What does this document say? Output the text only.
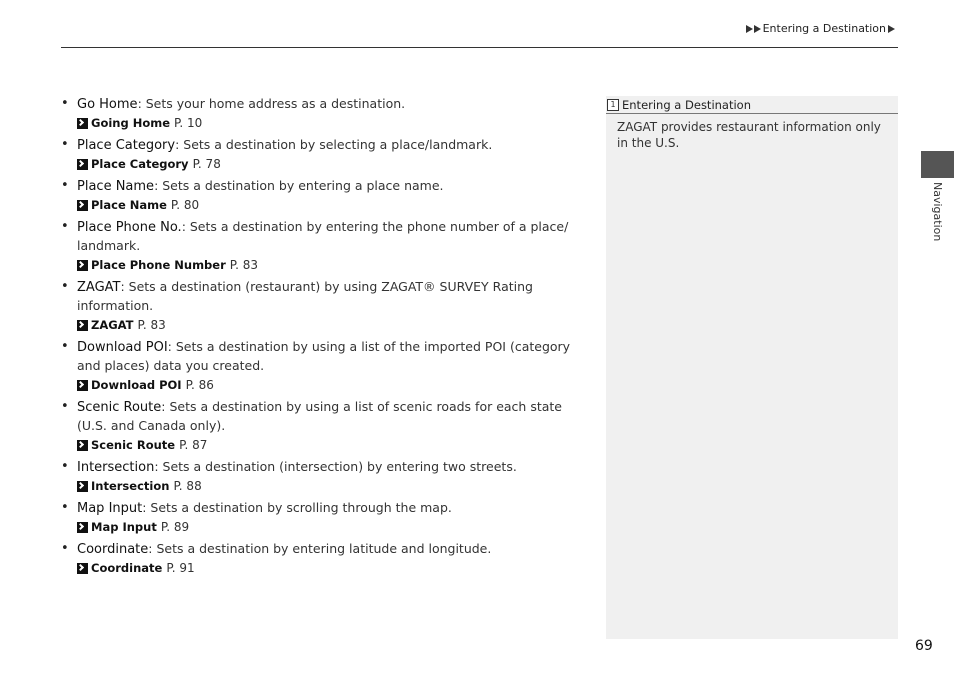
Entering a Destination
• Go Home: Sets your home address as a destination.
Going Home P. 10
• Place Category: Sets a destination by selecting a place/landmark.
Place Category P. 78
• Place Name: Sets a destination by entering a place name.
Place Name P. 80
• Place Phone No.: Sets a destination by entering the phone number of a place/ landmark.
Place Phone Number P. 83
• ZAGAT: Sets a destination (restaurant) by using ZAGAT® SURVEY Rating information.
ZAGAT P. 83
• Download POI: Sets a destination by using a list of the imported POI (category and places) data you created.
Download POI P. 86
• Scenic Route: Sets a destination by using a list of scenic roads for each state (U.S. and Canada only).
Scenic Route P. 87
• Intersection: Sets a destination (intersection) by entering two streets.
Intersection P. 88
• Map Input: Sets a destination by scrolling through the map.
Map Input P. 89
• Coordinate: Sets a destination by entering latitude and longitude.
Coordinate P. 91
1 Entering a Destination
ZAGAT provides restaurant information only in the U.S.
Navigation
69
